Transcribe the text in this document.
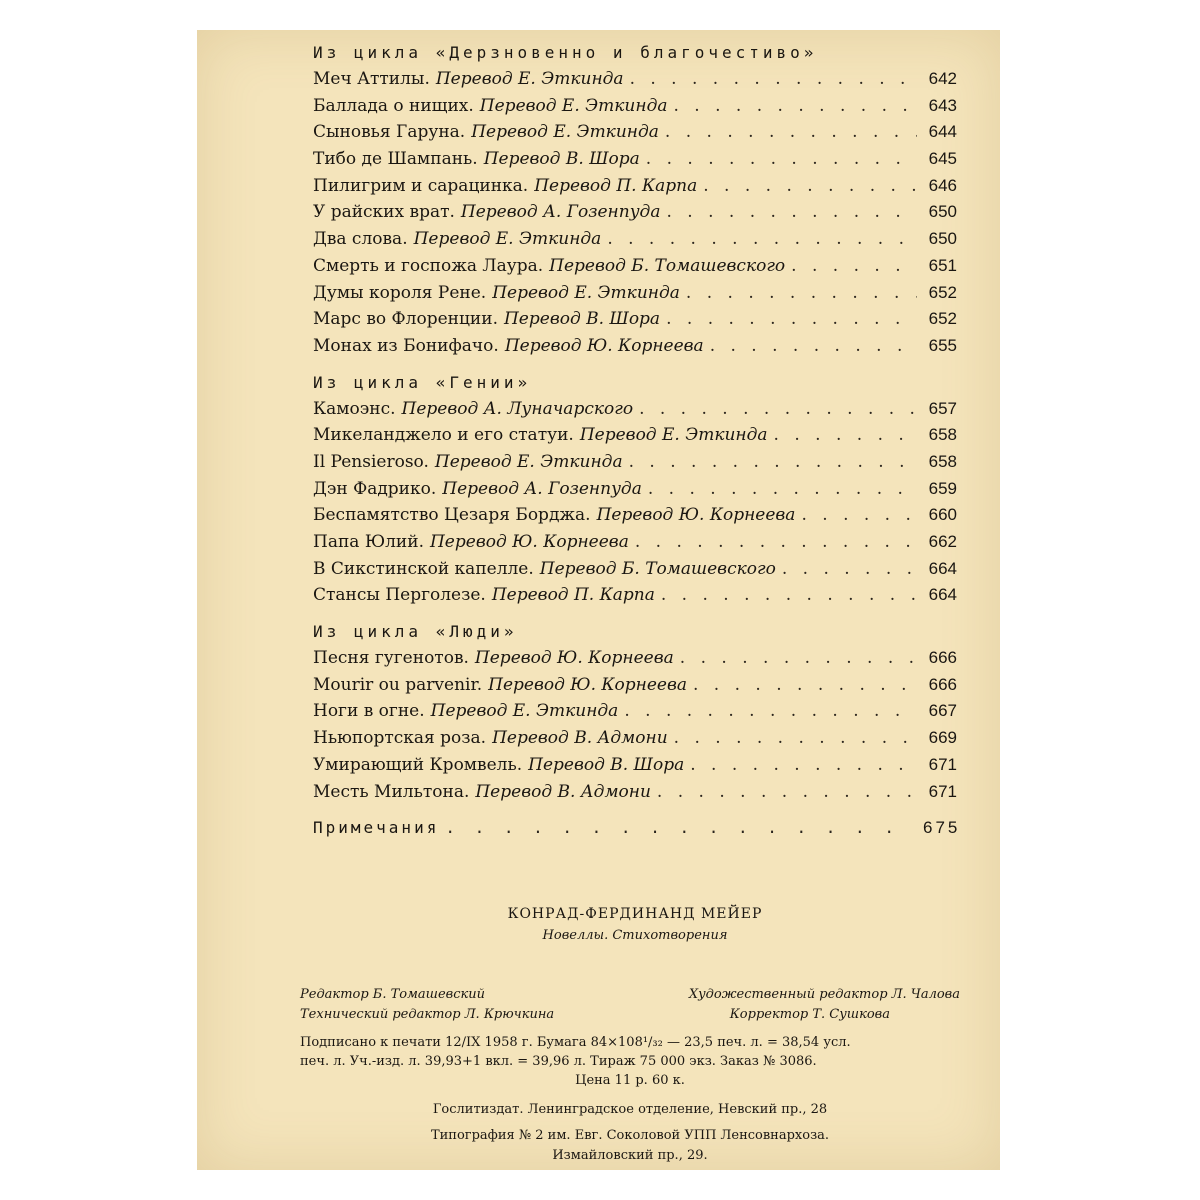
Из цикла «Дерзновенно и благочестиво»
Меч Аттилы. Перевод Е. Эткинда . . .	642
Баллада о нищих. Перевод Е. Эткинда . . .	643
Сыновья Гаруна. Перевод Е. Эткинда . . .	644
Тибо де Шампань. Перевод В. Шора . . .	645
Пилигрим и сарацинка. Перевод П. Карпа . . .	646
У райских врат. Перевод А. Гозенпуда . . .	650
Два слова. Перевод Е. Эткинда . . .	650
Смерть и госпожа Лаура. Перевод Б. Томашевского . . .	651
Думы короля Рене. Перевод Е. Эткинда . . .	652
Марс во Флоренции. Перевод В. Шора . . .	652
Монах из Бонифачо. Перевод Ю. Корнеева . . .	655
Из цикла «Гении»
Камоэнс. Перевод А. Луначарского . . .	657
Микеланджело и его статуи. Перевод Е. Эткинда . . .	658
Il Pensieroso. Перевод Е. Эткинда . . .	658
Дэн Фадрико. Перевод А. Гозенпуда . . .	659
Беспамятство Цезаря Борджа. Перевод Ю. Корнеева . . .	660
Папа Юлий. Перевод Ю. Корнеева . . .	662
В Сикстинской капелле. Перевод Б. Томашевского . . .	664
Стансы Перголезе. Перевод П. Карпа . . .	664
Из цикла «Люди»
Песня гугенотов. Перевод Ю. Корнеева . . .	666
Mourir ou parvenir. Перевод Ю. Корнеева . . .	666
Ноги в огне. Перевод Е. Эткинда . . .	667
Ньюпортская роза. Перевод В. Адмони . . .	669
Умирающий Кромвель. Перевод В. Шора . . .	671
Месть Мильтона. Перевод В. Адмони . . .	671
Примечания . . .	675
КОНРАД-ФЕРДИНАНД МЕЙЕР
Новеллы. Стихотворения
Редактор Б. Томашевский	Художественный редактор Л. Чалова
Технический редактор Л. Крючкина	Корректор Т. Сушкова
Подписано к печати 12/IX 1958 г. Бумага 84×108¹/₃₂ — 23,5 печ. л. = 38,54 усл.
печ. л. Уч.-изд. л. 39,93+1 вкл. = 39,96 л. Тираж 75 000 экз. Заказ № 3086.
Цена 11 р. 60 к.
Гослитиздат. Ленинградское отделение, Невский пр., 28
Типография № 2 им. Евг. Соколовой УПП Ленсовнархоза.
Измайловский пр., 29.
